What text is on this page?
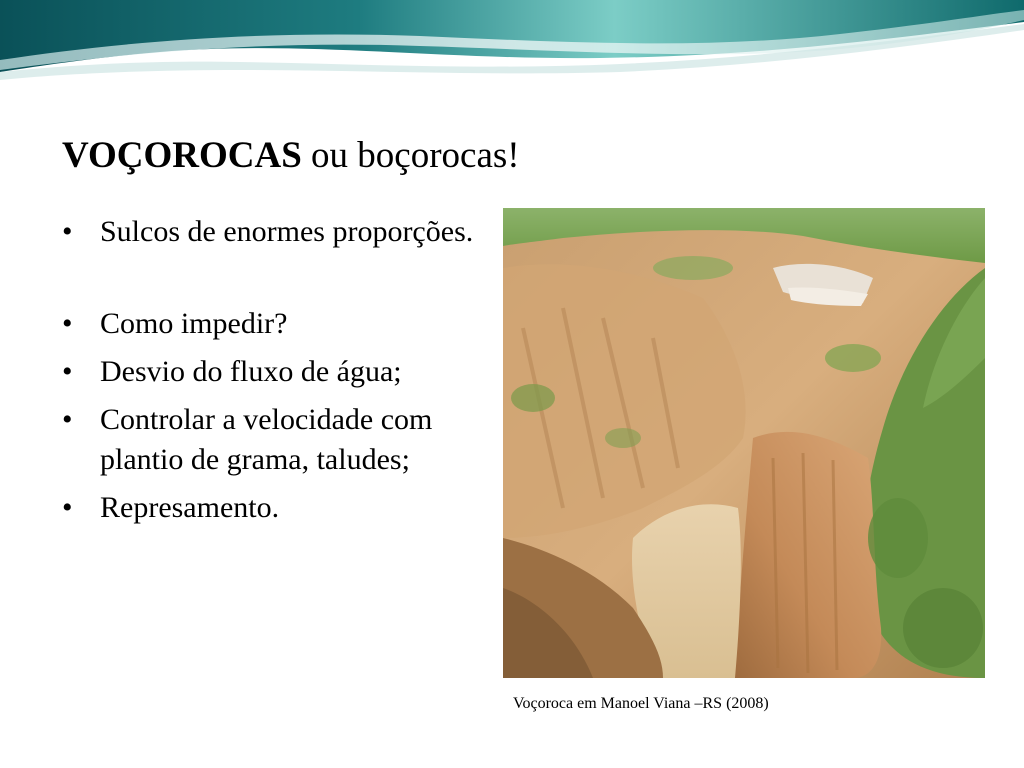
VOÇOROCAS ou boçorocas!
• Sulcos de enormes proporções.
• Como impedir?
• Desvio do fluxo de água;
• Controlar a velocidade com plantio de grama, taludes;
• Represamento.
Voçoroca em Manoel Viana –RS (2008)
